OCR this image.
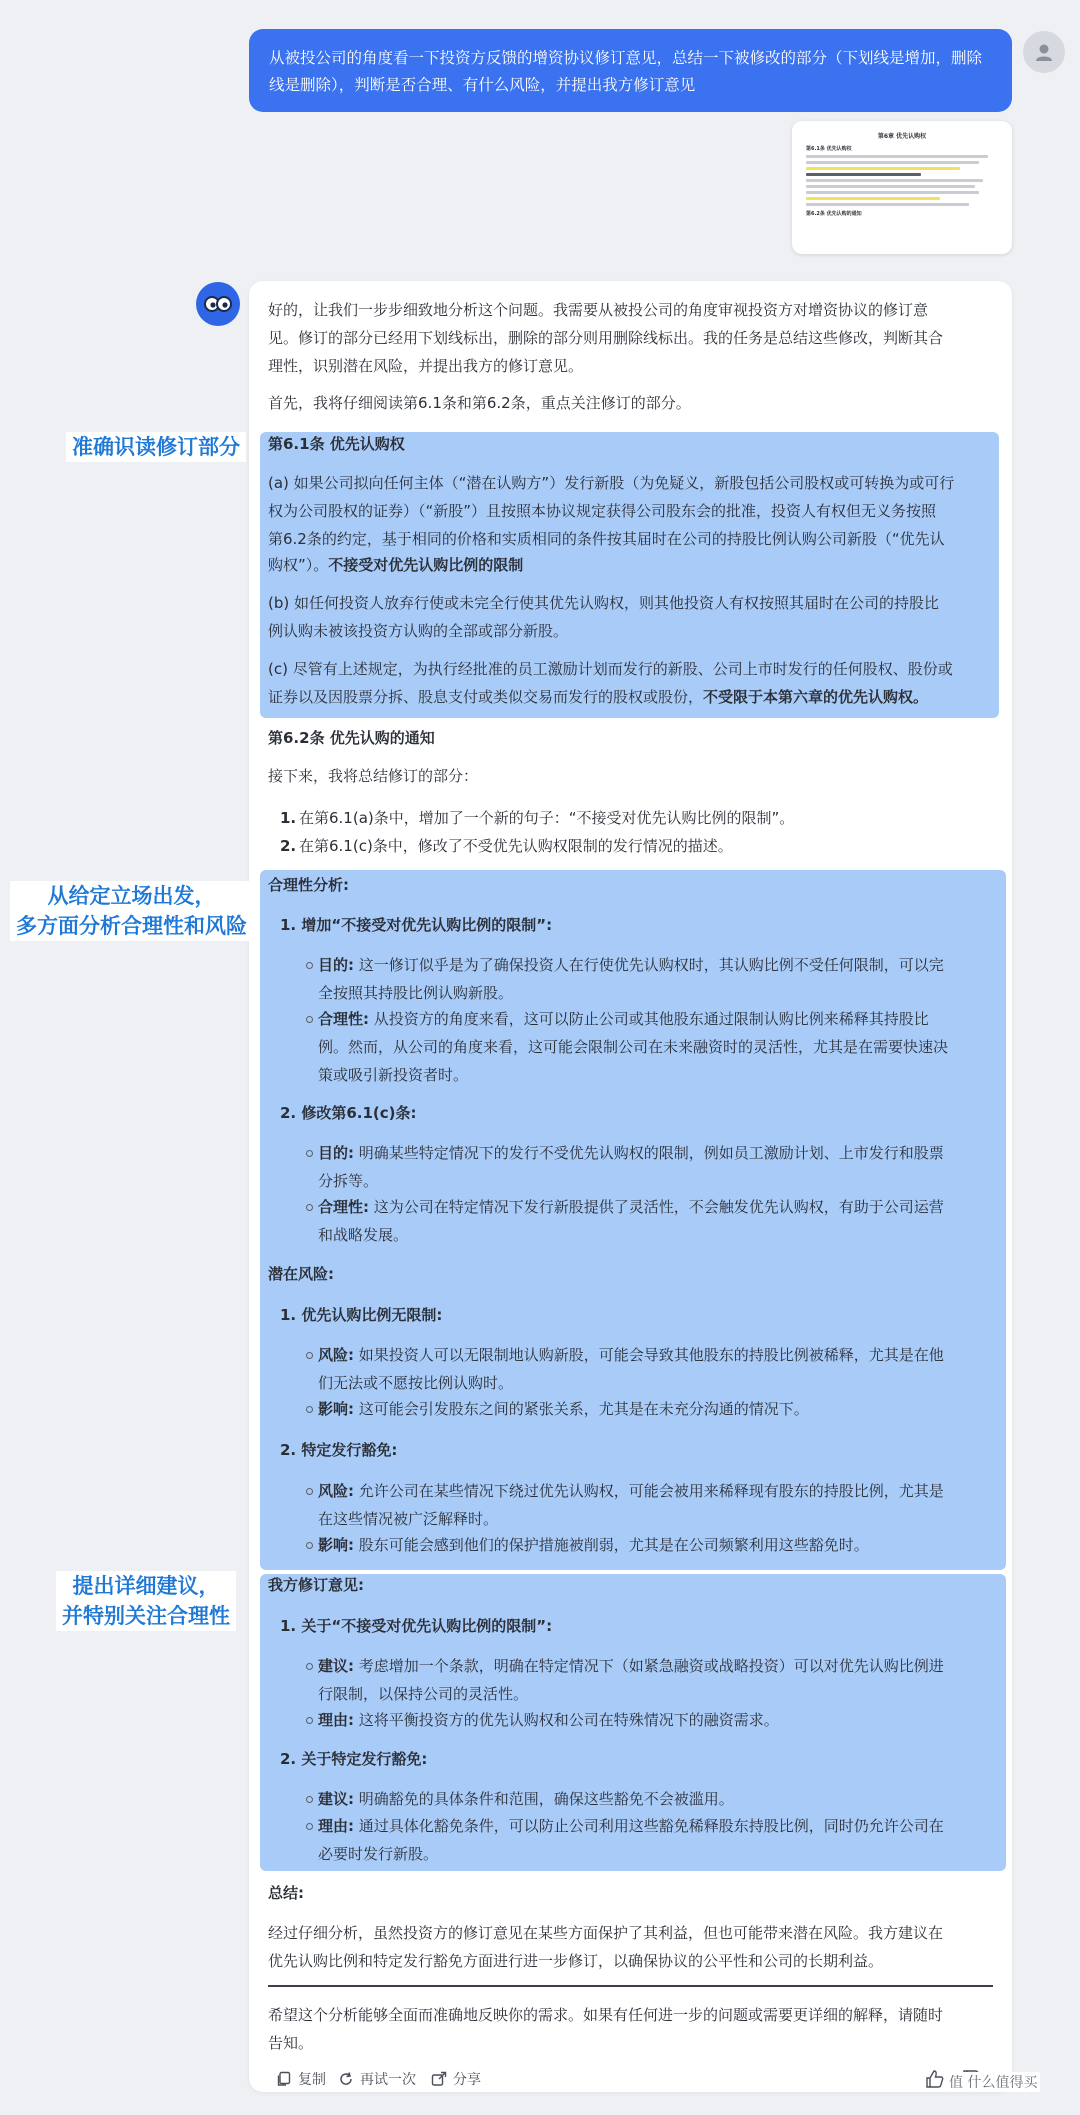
从被投公司的角度看一下投资方反馈的增资协议修订意见，总结一下被修改的部分（下划线是增加，删除线是删除），判断是否合理、有什么风险，并提出我方修订意见
第6章 优先认购权
第6.1条 优先认购权
第6.2条 优先认购的通知
好的，让我们一步步细致地分析这个问题。我需要从被投公司的角度审视投资方对增资协议的修订意
见。修订的部分已经用下划线标出，删除的部分则用删除线标出。我的任务是总结这些修改，判断其合
理性，识别潜在风险，并提出我方的修订意见。
首先，我将仔细阅读第6.1条和第6.2条，重点关注修订的部分。
第6.1条 优先认购权
(a) 如果公司拟向任何主体（“潜在认购方”）发行新股（为免疑义，新股包括公司股权或可转换为或可行
权为公司股权的证券）（“新股”）且按照本协议规定获得公司股东会的批准，投资人有权但无义务按照
第6.2条的约定，基于相同的价格和实质相同的条件按其届时在公司的持股比例认购公司新股（“优先认
购权”）。不接受对优先认购比例的限制
(b) 如任何投资人放弃行使或未完全行使其优先认购权，则其他投资人有权按照其届时在公司的持股比
例认购未被该投资方认购的全部或部分新股。
(c) 尽管有上述规定，为执行经批准的员工激励计划而发行的新股、公司上市时发行的任何股权、股份或
证券以及因股票分拆、股息支付或类似交易而发行的股权或股份，不受限于本第六章的优先认购权。
第6.2条 优先认购的通知
接下来，我将总结修订的部分：
1. 在第6.1(a)条中，增加了一个新的句子：“不接受对优先认购比例的限制”。
2. 在第6.1(c)条中，修改了不受优先认购权限制的发行情况的描述。
合理性分析:
1. 增加“不接受对优先认购比例的限制”:
目的: 这一修订似乎是为了确保投资人在行使优先认购权时，其认购比例不受任何限制，可以完
全按照其持股比例认购新股。
合理性: 从投资方的角度来看，这可以防止公司或其他股东通过限制认购比例来稀释其持股比
例。然而，从公司的角度来看，这可能会限制公司在未来融资时的灵活性，尤其是在需要快速决
策或吸引新投资者时。
2. 修改第6.1(c)条:
目的: 明确某些特定情况下的发行不受优先认购权的限制，例如员工激励计划、上市发行和股票
分拆等。
合理性: 这为公司在特定情况下发行新股提供了灵活性，不会触发优先认购权，有助于公司运营
和战略发展。
潜在风险:
1. 优先认购比例无限制:
风险: 如果投资人可以无限制地认购新股，可能会导致其他股东的持股比例被稀释，尤其是在他
们无法或不愿按比例认购时。
影响: 这可能会引发股东之间的紧张关系，尤其是在未充分沟通的情况下。
2. 特定发行豁免:
风险: 允许公司在某些情况下绕过优先认购权，可能会被用来稀释现有股东的持股比例，尤其是
在这些情况被广泛解释时。
影响: 股东可能会感到他们的保护措施被削弱，尤其是在公司频繁利用这些豁免时。
我方修订意见:
1. 关于“不接受对优先认购比例的限制”:
建议: 考虑增加一个条款，明确在特定情况下（如紧急融资或战略投资）可以对优先认购比例进
行限制，以保持公司的灵活性。
理由: 这将平衡投资方的优先认购权和公司在特殊情况下的融资需求。
2. 关于特定发行豁免:
建议: 明确豁免的具体条件和范围，确保这些豁免不会被滥用。
理由: 通过具体化豁免条件，可以防止公司利用这些豁免稀释股东持股比例，同时仍允许公司在
必要时发行新股。
总结:
经过仔细分析，虽然投资方的修订意见在某些方面保护了其利益，但也可能带来潜在风险。我方建议在
优先认购比例和特定发行豁免方面进行进一步修订，以确保协议的公平性和公司的长期利益。
希望这个分析能够全面而准确地反映你的需求。如果有任何进一步的问题或需要更详细的解释，请随时
告知。
复制 再试一次	分享	值 什么值得买
准确识读修订部分
从给定立场出发，
多方面分析合理性和风险
提出详细建议，
并特别关注合理性
